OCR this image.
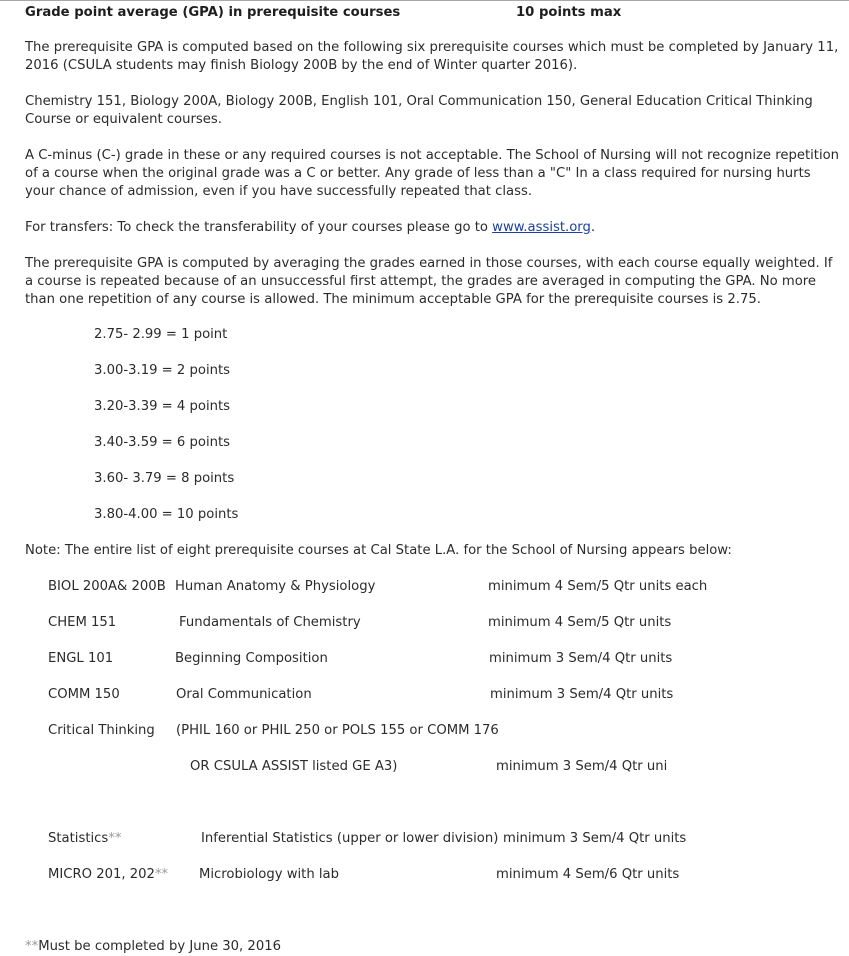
Grade point average (GPA) in prerequisite courses	10 points max
The prerequisite GPA is computed based on the following six prerequisite courses which must be completed by January 11, 2016 (CSULA students may finish Biology 200B by the end of Winter quarter 2016).
Chemistry 151, Biology 200A, Biology 200B, English 101, Oral Communication 150, General Education Critical Thinking Course or equivalent courses.
A C-minus (C-) grade in these or any required courses is not acceptable. The School of Nursing will not recognize repetition of a course when the original grade was a C or better. Any grade of less than a "C" In a class required for nursing hurts your chance of admission, even if you have successfully repeated that class.
For transfers: To check the transferability of your courses please go to www.assist.org.
The prerequisite GPA is computed by averaging the grades earned in those courses, with each course equally weighted. If a course is repeated because of an unsuccessful first attempt, the grades are averaged in computing the GPA. No more than one repetition of any course is allowed. The minimum acceptable GPA for the prerequisite courses is 2.75.
2.75- 2.99 = 1 point
3.00-3.19 = 2 points
3.20-3.39 = 4 points
3.40-3.59 = 6 points
3.60- 3.79 = 8 points
3.80-4.00 = 10 points
Note: The entire list of eight prerequisite courses at Cal State L.A. for the School of Nursing appears below:
BIOL 200A& 200B Human Anatomy & Physiology	minimum 4 Sem/5 Qtr units each
CHEM 151	Fundamentals of Chemistry	minimum 4 Sem/5 Qtr units
ENGL 101	Beginning Composition	minimum 3 Sem/4 Qtr units
COMM 150	Oral Communication	minimum 3 Sem/4 Qtr units
Critical Thinking (PHIL 160 or PHIL 250 or POLS 155 or COMM 176
OR CSULA ASSIST listed GE A3)	minimum 3 Sem/4 Qtr uni
Statistics**	Inferential Statistics (upper or lower division) minimum 3 Sem/4 Qtr units
MICRO 201, 202** Microbiology with lab	minimum 4 Sem/6 Qtr units
**Must be completed by June 30, 2016
